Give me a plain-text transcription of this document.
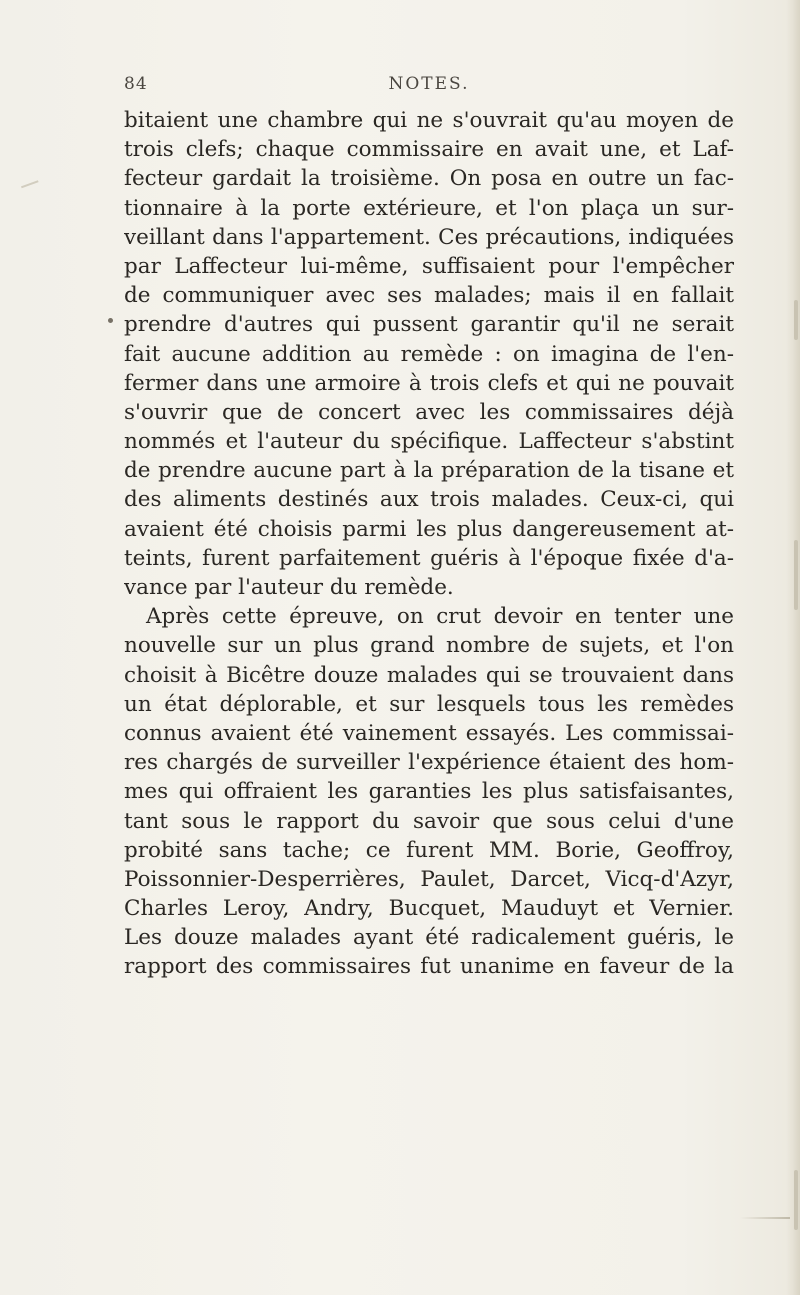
84	NOTES.
bitaient une chambre qui ne s'ouvrait qu'au moyen de
trois clefs; chaque commissaire en avait une, et Laf-
fecteur gardait la troisième. On posa en outre un fac-
tionnaire à la porte extérieure, et l'on plaça un sur-
veillant dans l'appartement. Ces précautions, indiquées
par Laffecteur lui-même, suffisaient pour l'empêcher
de communiquer avec ses malades; mais il en fallait
prendre d'autres qui pussent garantir qu'il ne serait
fait aucune addition au remède : on imagina de l'en-
fermer dans une armoire à trois clefs et qui ne pouvait
s'ouvrir que de concert avec les commissaires déjà
nommés et l'auteur du spécifique. Laffecteur s'abstint
de prendre aucune part à la préparation de la tisane et
des aliments destinés aux trois malades. Ceux-ci, qui
avaient été choisis parmi les plus dangereusement at-
teints, furent parfaitement guéris à l'époque fixée d'a-
vance par l'auteur du remède.
Après cette épreuve, on crut devoir en tenter une
nouvelle sur un plus grand nombre de sujets, et l'on
choisit à Bicêtre douze malades qui se trouvaient dans
un état déplorable, et sur lesquels tous les remèdes
connus avaient été vainement essayés. Les commissai-
res chargés de surveiller l'expérience étaient des hom-
mes qui offraient les garanties les plus satisfaisantes,
tant sous le rapport du savoir que sous celui d'une
probité sans tache; ce furent MM. Borie, Geoffroy,
Poissonnier-Desperrières, Paulet, Darcet, Vicq-d'Azyr,
Charles Leroy, Andry, Bucquet, Mauduyt et Vernier.
Les douze malades ayant été radicalement guéris, le
rapport des commissaires fut unanime en faveur de la
